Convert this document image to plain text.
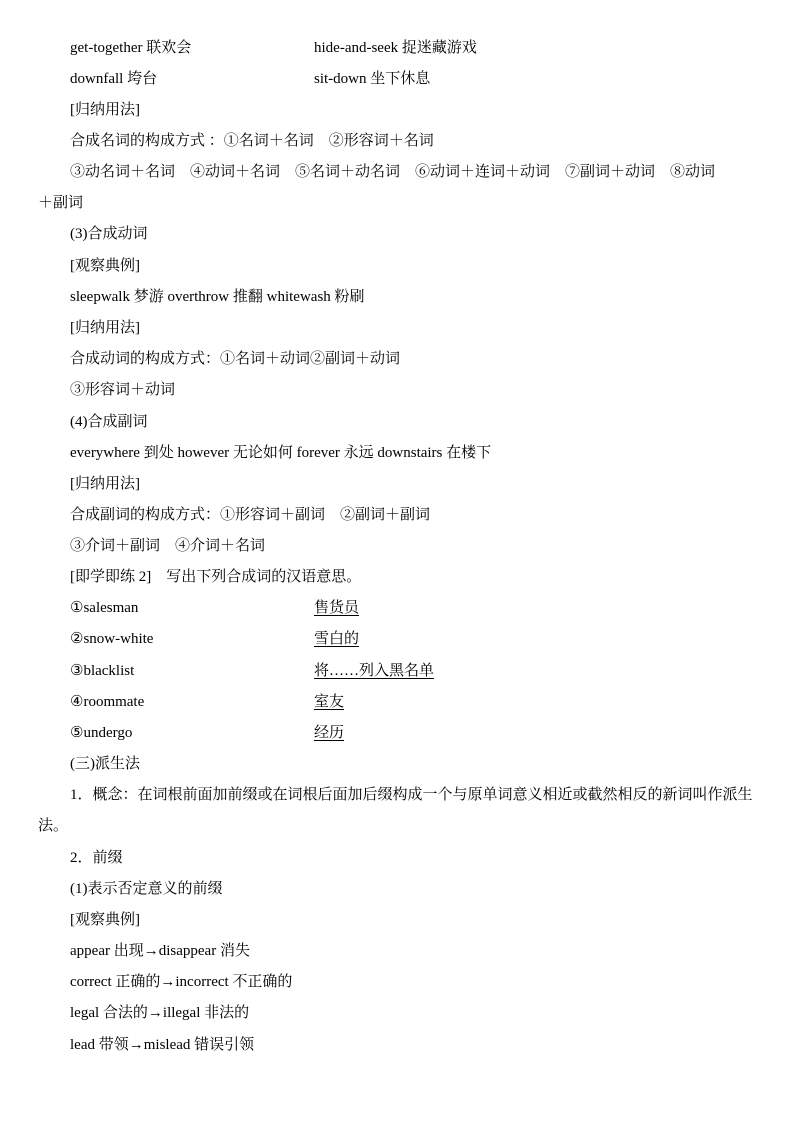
get-together 联欢会	hide-and-seek 捉迷藏游戏
downfall 垮台	sit-down 坐下休息
[归纳用法]
合成名词的构成方式 ：①名词＋名词　②形容词＋名词
③动名词＋名词　④动词＋名词　⑤名词＋动名词　⑥动词＋连词＋动词　⑦副词＋动词　⑧动词
＋副词
(3)合成动词
[观察典例]
sleepwalk 梦游 overthrow 推翻 whitewash 粉刷
[归纳用法]
合成动词的构成方式：①名词＋动词②副词＋动词
③形容词＋动词
(4)合成副词
everywhere 到处 however 无论如何 forever 永远 downstairs 在楼下
[归纳用法]
合成副词的构成方式：①形容词＋副词　②副词＋副词
③介词＋副词　④介词＋名词
[即学即练 2]　写出下列合成词的汉语意思。
①salesman	售货员
②snow-white	雪白的
③blacklist	将……列入黑名单
④roommate	室友
⑤undergo	经历
(三)派生法
1．概念：在词根前面加前缀或在词根后面加后缀构成一个与原单词意义相近或截然相反的新词叫作派生法。
2．前缀
(1)表示否定意义的前缀
[观察典例]
appear 出现→disappear 消失
correct 正确的→incorrect 不正确的
legal 合法的→illegal 非法的
lead 带领→mislead 错误引领
